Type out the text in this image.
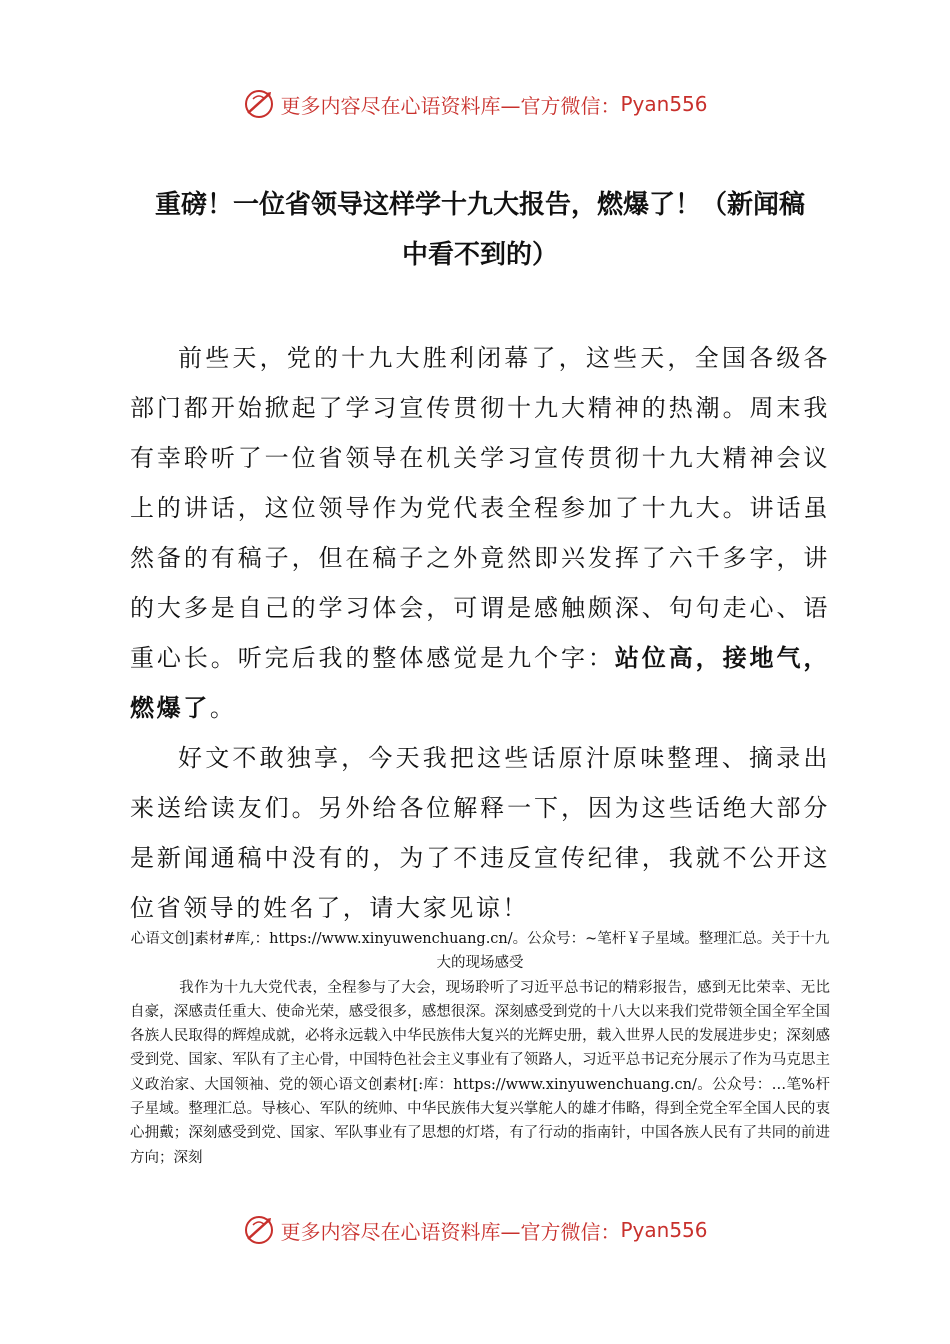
更多内容尽在心语资料库—官方微信： Pyan556
重磅！一位省领导这样学十九大报告，燃爆了！（新闻稿
中看不到的）

前些天，党的十九大胜利闭幕了，这些天，全国各级各部门都开始掀起了学习宣传贯彻十九大精神的热潮。周末我有幸聆听了一位省领导在机关学习宣传贯彻十九大精神会议上的讲话，这位领导作为党代表全程参加了十九大。讲话虽然备的有稿子，但在稿子之外竟然即兴发挥了六千多字，讲的大多是自己的学习体会，可谓是感触颇深、句句走心、语重心长。听完后我的整体感觉是九个字：站位高，接地气，燃爆了。

好文不敢独享，今天我把这些话原汁原味整理、摘录出来送给读友们。另外给各位解释一下，因为这些话绝大部分是新闻通稿中没有的，为了不违反宣传纪律，我就不公开这位省领导的姓名了，请大家见谅！

心语文创]素材#库,：https://www.xinyuwenchuang.cn/。公众号：~笔杆￥子星域。整理汇总。关于十九大的现场感受

我作为十九大党代表，全程参与了大会，现场聆听了习近平总书记的精彩报告，感到无比荣幸、无比自豪，深感责任重大、使命光荣，感受很多，感想很深。深刻感受到党的十八大以来我们党带领全国全军全国各族人民取得的辉煌成就，必将永远载入中华民族伟大复兴的光辉史册，载入世界人民的发展进步史；深刻感受到党、国家、军队有了主心骨，中国特色社会主义事业有了领路人，习近平总书记充分展示了作为马克思主义政治家、大国领袖、党的领心语文创素材[:库：https://www.xinyuwenchuang.cn/。公众号：…笔%杆子星域。整理汇总。导核心、军队的统帅、中华民族伟大复兴掌舵人的雄才伟略，得到全党全军全国人民的衷心拥戴；深刻感受到党、国家、军队事业有了思想的灯塔，有了行动的指南针，中国各族人民有了共同的前进方向；深刻

更多内容尽在心语资料库—官方微信： Pyan556
